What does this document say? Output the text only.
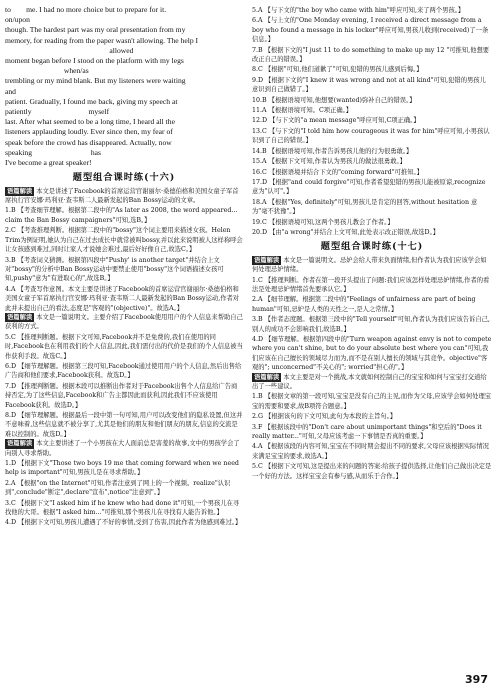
to        me. I had no more choice but to prepare for it.

on/upon

though. The hardest part was my oral presentation from my

memory, for reading from the paper wasn't allowing. The help I

allowed

moment began before I stood on the platform with my legs

when/as

trembling or my mind blank. But my listeners were waiting

and

patient. Gradually, I found me back, giving my speech at

patiently                              myself

last. After what seemed to be a long time, I heard all the

listeners applauding loudly. Ever since then, my fear of

speak before the crowd has disappeared. Actually, now

speaking                               has

I've become a great speaker!

题型组合课时练(十六)

语篇解读 本文是讲述了Facebook的首席运营官谢丽尔·桑德伯格和美国女童子军首席执行官安娜·玛利亚·查韦斯二人最新发起的Ban Bossy运动的文章。

1.B 【考查细节理解。根据第二段中的"As later as 2008, the word appeared... claim the Ban Bossy campaigners"可知,选B。】

2.C 【考查推理判断。根据第二段中的"bossy"这个词主要用来描述女孩。Helen Trim为例证明,她认为自己在过去成长中就常被叫bossy,并以此来说明被人这样称呼会让女孩感到难过,同时让家人才说她会难过,最后好好像自己,故选C。】

3.B 【考查词义猜测。根据第四段中"Pushy' is another target"并结合上文对"bossy"的分析中Ban Bossy运动中要禁止使用"bossy"这个词语描述女孩可知,pushy"意为"有进取心的",故选B。】

4.A 【考查写作意图。本文主要是讲述了Facebook的首席运营官谢丽尔·桑德伯格和美国女童子军首席执行官安娜·玛利亚·查韦斯二人最新发起的Ban Bossy运动,作者对此并未提出自己的看法,态度是"客观的"(objective)"。故选A。】

语篇解读 本文是一篇说明文。主要介绍了Facebook使用用户的个人信息来帮助自己获利的方式。

5.C 【推理判断题。根据下文可知,Facebook并不是免费的,我们在使用的同时,Facebook也在利用我们的个人信息,因此,我们需付出的代价是我们的个人信息被当作获利手段。故选C。】

6.D 【细节理解题。根据第三段可知,Facebook通过使用用户的个人信息,然后出售给广告商和他们要求,Facebook获利。故选D。】

7.D 【推理判断题。根据本段可以推断出作者对于Facebook出售个人信息给广告商持否定,为了这些信息,Facebook和广告主都因此而获利,因此我们不应该使用Facebook获利。故选D。】

8.D 【细节理解题。根据最后一段中第一句可知,用户可以改变他们的隐私设置,但这并不意味着,这些信息就不被分享了,尤其是他们的朋友和他们朋友的朋友,信息的交流是难以控制的。故选D。】

语篇解读 本文主要讲述了一个小男孩在大人面前总是害羞的故事,文中的男孩学会了向别人寻求帮助。

1.D 【根据下文"Those two boys 19 me that coming forward when we need help is important"可知,男孩儿是在寻求帮助。】

2.A 【根据"on the Internet"可知,作者注意到了网上的一个视频。realize"认识到",conclude"断定",declare"宣布",notice"注意到"。】

3.C 【根据下文"I asked him if he knew who had done it"可知,一个男孩儿在寻找他的大哥。根据"I asked him..."可推知,那个男孩儿在寻找有人能告诉他。】

4.D 【根据下文可知,男孩儿遭遇了不好的事情,受到了伤害,因此作者为他感到难过。】

5.A 【与下文的"the boy who came with him"呼应可知,来了两个男孩。】

6.A 【与上文的"One Monday evening, I received a direct message from a boy who found a message in his locker"呼应可知,男孩儿收到(received)了一条信息。】

7.B 【根据下文的"I just 11 to do something to make up my 12 "可推知,他想要改正自己的错误。】

8.C 【根据"可知,他们道歉了"可知,犯错的男孩儿感到后悔。】

9.D 【根据下文的"I knew it was wrong and not at all kind"可知,犯错的男孩儿意识到自己做错了。】

10.B 【根据语境可知,他想要(wanted)弥补自己的错误。】

11.A 【根据语境可知。C项正确。】

12.D 【与下文的"a mean message"呼应可知,C项正确。】

13.C 【与下文的"I told him how courageous it was for him"呼应可知,小男孩认识到了自己的错误。】

14.B 【根据语境可知,作者告诉男孩儿他的行为很勇敢。】

15.A 【根据下文可知,作者认为男孩儿的做法很勇敢。】

16.C 【根据语境并结合下文的"coming forward"可推知。】

17.D 【根据"and could forgive"可知,作者希望犯错的男孩儿能被原谅,recognize 意为"认可"。】

18.A 【根据"Yes, definitely"可知,男孩儿是肯定的回答,without hesitation 意为"毫不犹豫"。】

19.C 【根据语境可知,这两个男孩儿教会了作者。】

20.D 【由"a wrong"并结合上文可知,此处表示改正错误,故选D。】

题型组合课时练(十七)

语篇解读 本文是一篇说明文。忌妒会给人带来负面情绪,但作者认为我们应该学会如何处理忌妒情绪。

1.C 【推理判断。作者在第一段开头提出了问题:我们应该怎样处理忌妒情绪,作者的看法是处理忌妒情绪首先要承认它。】

2.A 【细节理解。根据第二段中的"Feelings of unfairness are part of being human"可知,忌妒是人类的天性之一,是人之常情。】

3.B 【作者态度题。根据第三段中的"Tell yourself"可知,作者认为我们应该告诉自己,别人的成功不会影响我们,故选B。】

4.D 【细节理解。根据第四段中的"Turn weapon against envy is not to compete where you can't shine, but to do your absolute best where you can"可知,我们应该在自己擅长的领域尽力而为,而不是在别人擅长的领域与其竞争。objective"客观的"; unconcerned"不关心的"; worried"担心的"。】

语篇解读 本文主要是对一个挑战,本文就如何控制自己的宝宝和如何与宝宝打交道给出了一些建议。

1.B 【根据文章的第一段可知,宝宝是没有自己的主见,而作为父母,应该学会如何处理宝宝的需要和要求,故B项符合题意。】

2.G 【根据该句的下文可知,此句为本段的主旨句。】

3.F 【根据该段中的"Don't care about unimportant things"和空后的"Does it really matter..."可知,父母应该考虑一下事情是否真的重要。】

4.A 【根据该段的内容可知,宝宝在不同时期会提出不同的要求,父母应该根据实际情况来满足宝宝的要求,故选A。】

5.C 【根据下文可知,这是提出来的问题的答案:给孩子提供选择,让他们自己做出决定是一个好的方法。这样宝宝会有参与感,从而乐于合作。】

397
